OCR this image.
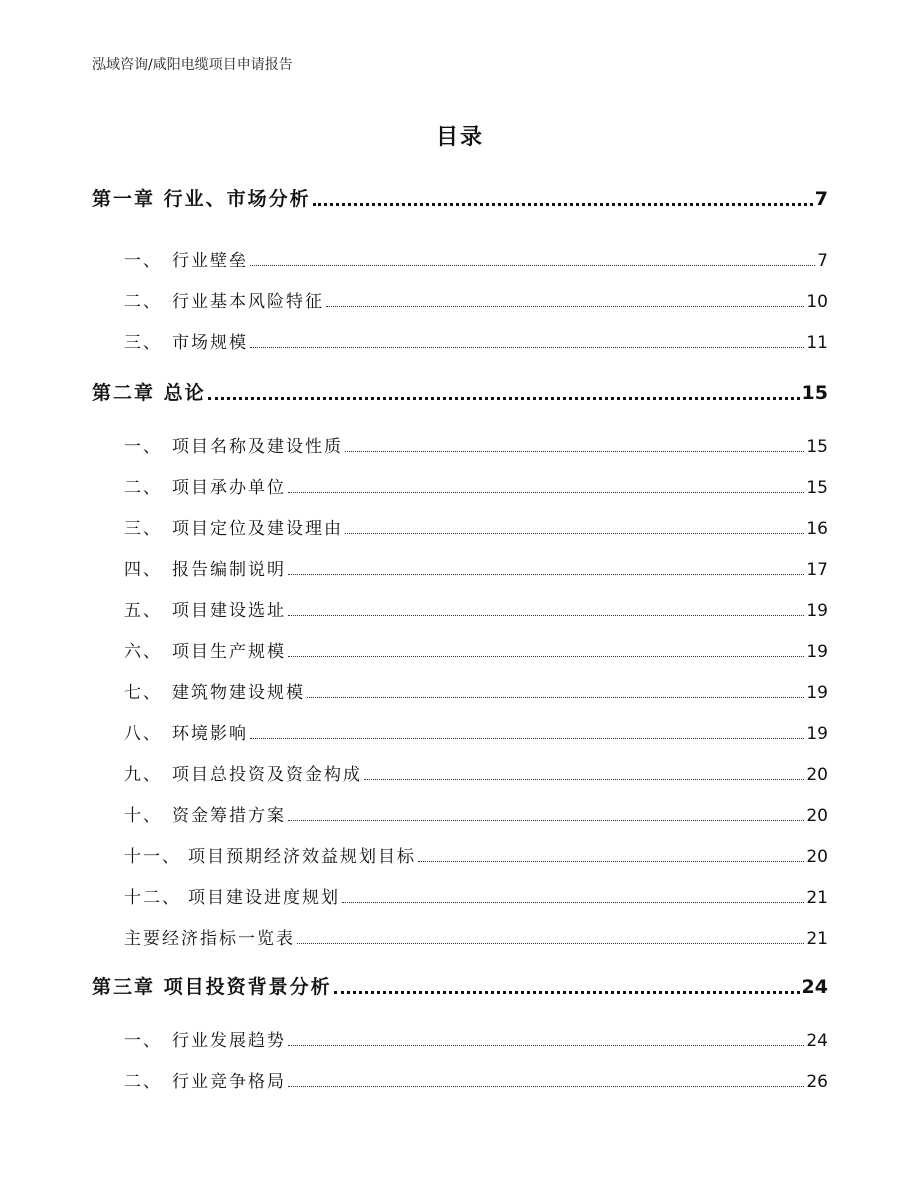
泓域咨询/咸阳电缆项目申请报告
目录
第一章 行业、市场分析	7
一、 行业壁垒	7
二、 行业基本风险特征	10
三、 市场规模	11
第二章 总论	15
一、 项目名称及建设性质	15
二、 项目承办单位	15
三、 项目定位及建设理由	16
四、 报告编制说明	17
五、 项目建设选址	19
六、 项目生产规模	19
七、 建筑物建设规模	19
八、 环境影响	19
九、 项目总投资及资金构成	20
十、 资金筹措方案	20
十一、 项目预期经济效益规划目标	20
十二、 项目建设进度规划	21
主要经济指标一览表	21
第三章 项目投资背景分析	24
一、 行业发展趋势	24
二、 行业竞争格局	26
